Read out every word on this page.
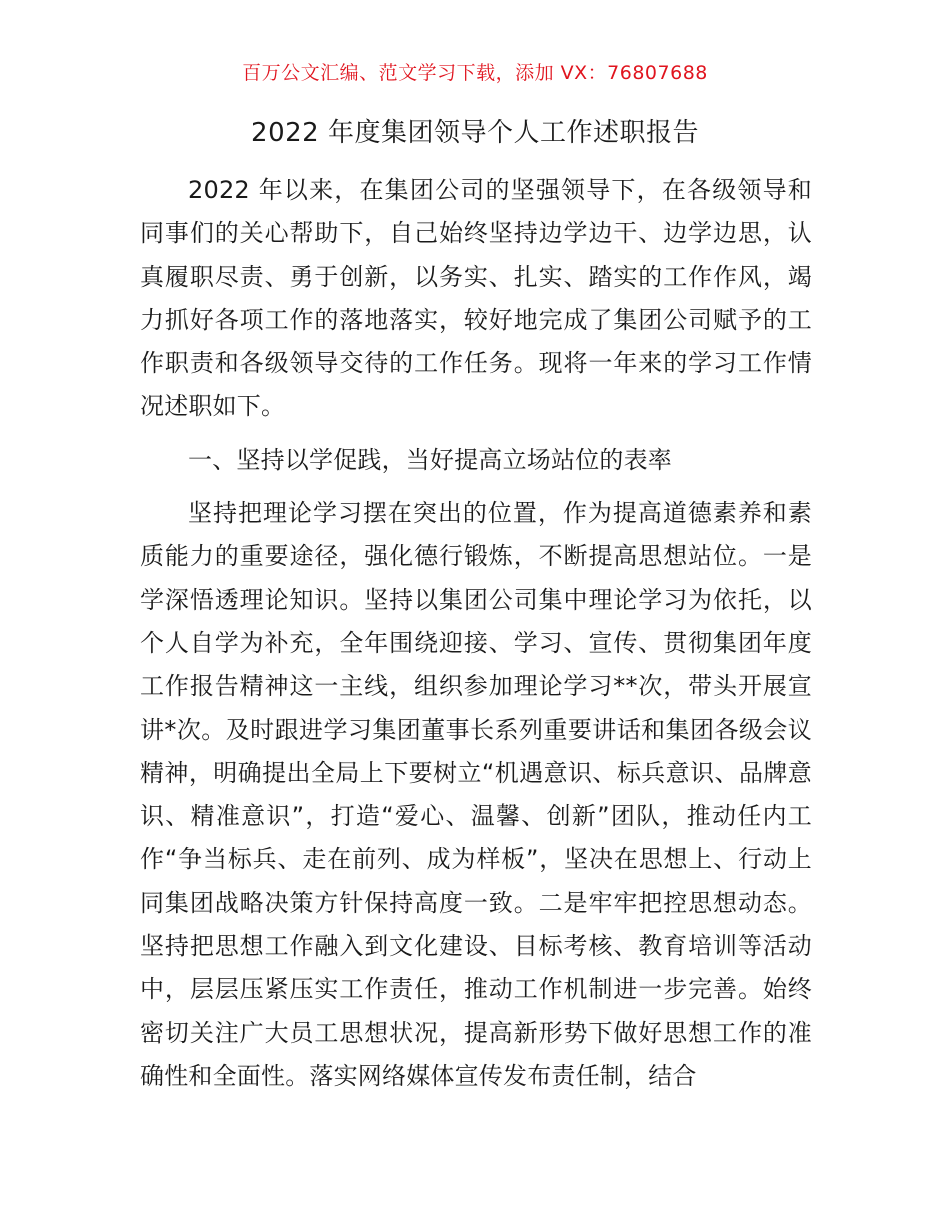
百万公文汇编、范文学习下载，添加 VX：76807688
2022 年度集团领导个人工作述职报告

2022 年以来，在集团公司的坚强领导下，在各级领导和同事们的关心帮助下，自己始终坚持边学边干、边学边思，认真履职尽责、勇于创新，以务实、扎实、踏实的工作作风，竭力抓好各项工作的落地落实，较好地完成了集团公司赋予的工作职责和各级领导交待的工作任务。现将一年来的学习工作情况述职如下。

一、坚持以学促践，当好提高立场站位的表率

坚持把理论学习摆在突出的位置，作为提高道德素养和素质能力的重要途径，强化德行锻炼，不断提高思想站位。一是学深悟透理论知识。坚持以集团公司集中理论学习为依托，以个人自学为补充，全年围绕迎接、学习、宣传、贯彻集团年度工作报告精神这一主线，组织参加理论学习**次，带头开展宣讲*次。及时跟进学习集团董事长系列重要讲话和集团各级会议精神，明确提出全局上下要树立“机遇意识、标兵意识、品牌意识、精准意识”，打造“爱心、温馨、创新”团队，推动任内工作“争当标兵、走在前列、成为样板”，坚决在思想上、行动上同集团战略决策方针保持高度一致。二是牢牢把控思想动态。坚持把思想工作融入到文化建设、目标考核、教育培训等活动中，层层压紧压实工作责任，推动工作机制进一步完善。始终密切关注广大员工思想状况，提高新形势下做好思想工作的准确性和全面性。落实网络媒体宣传发布责任制，结合
